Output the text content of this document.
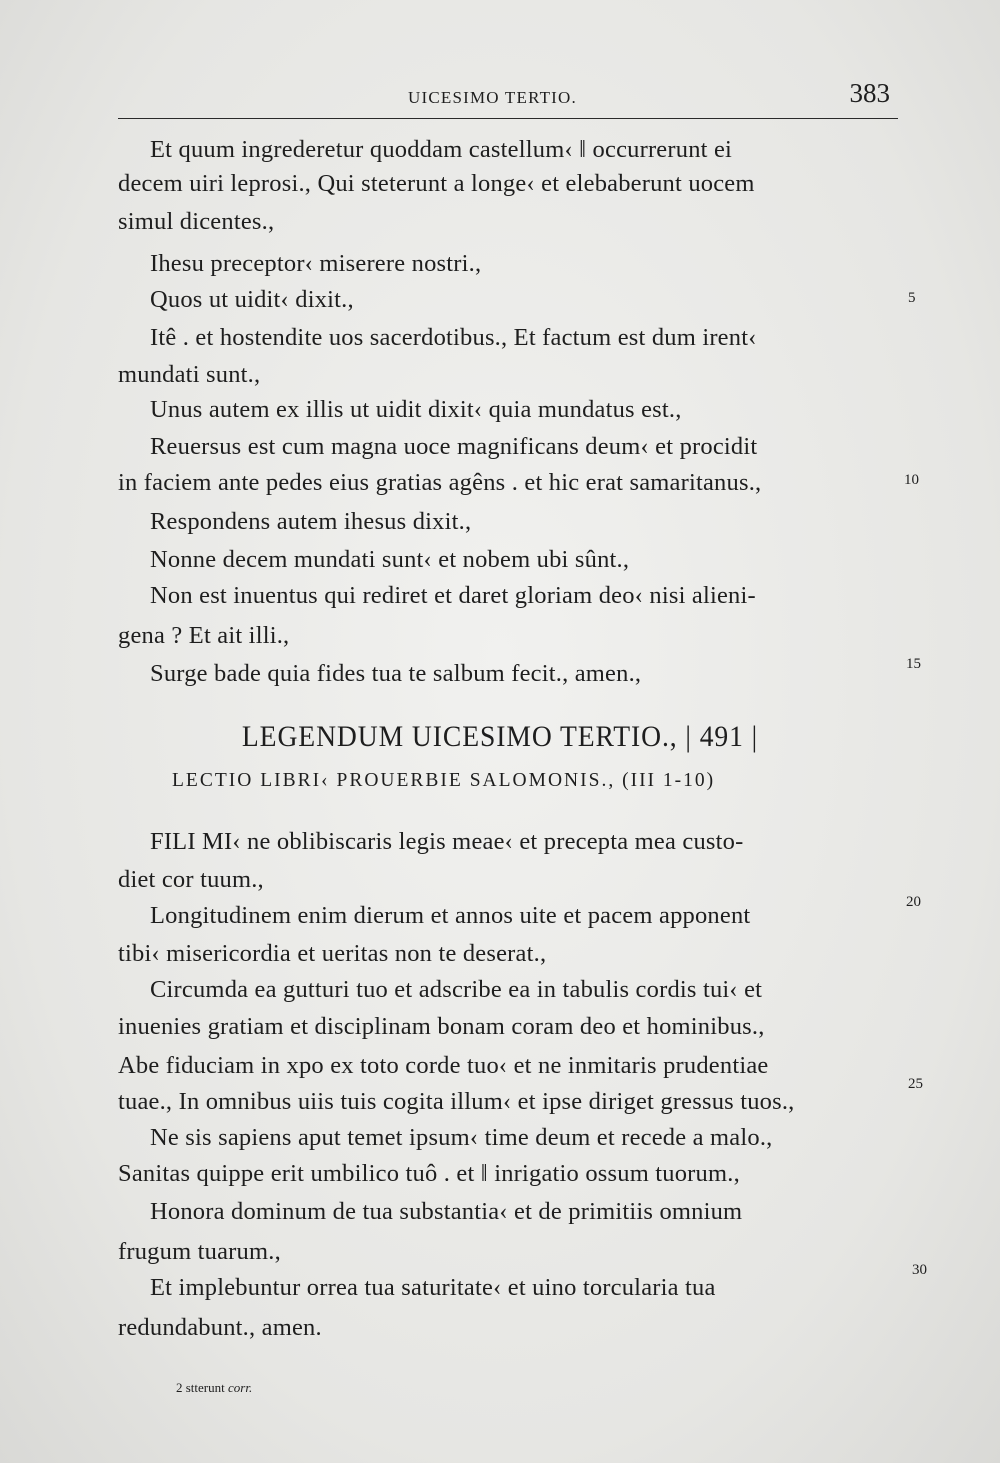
UICESIMO TERTIO.	383
Et quum ingrederetur quoddam castellum‹ ‖ occurrerunt ei
decem uiri leprosi., Qui steterunt a longe‹ et elebaberunt uocem
simul dicentes.,
Ihesu preceptor‹ miserere nostri.,
Quos ut uidit‹ dixit.,
Itê . et hostendite uos sacerdotibus., Et factum est dum irent‹
mundati sunt.,
Unus autem ex illis ut uidit dixit‹ quia mundatus est.,
Reuersus est cum magna uoce magnificans deum‹ et procidit
in faciem ante pedes eius gratias agêns . et hic erat samaritanus.,
Respondens autem ihesus dixit.,
Nonne decem mundati sunt‹ et nobem ubi sûnt.,
Non est inuentus qui rediret et daret gloriam deo‹ nisi alieni-
gena ? Et ait illi.,
Surge bade quia fides tua te salbum fecit., amen.,
LEGENDUM UICESIMO TERTIO., | 491 |
LECTIO LIBRI‹ PROUERBIE SALOMONIS., (III 1-10)
FILI MI‹ ne oblibiscaris legis meae‹ et precepta mea custo-
diet cor tuum.,
Longitudinem enim dierum et annos uite et pacem apponent
tibi‹ misericordia et ueritas non te deserat.,
Circumda ea gutturi tuo et adscribe ea in tabulis cordis tui‹ et
inuenies gratiam et disciplinam bonam coram deo et hominibus.,
Abe fiduciam in xpo ex toto corde tuo‹ et ne inmitaris prudentiae
tuae., In omnibus uiis tuis cogita illum‹ et ipse diriget gressus tuos.,
Ne sis sapiens aput temet ipsum‹ time deum et recede a malo.,
Sanitas quippe erit umbilico tuô . et ‖ inrigatio ossum tuorum.,
Honora dominum de tua substantia‹ et de primitiis omnium
frugum tuarum.,
Et implebuntur orrea tua saturitate‹ et uino torcularia tua
redundabunt., amen.
5
10
15
20
25
30
2 stterunt corr.
